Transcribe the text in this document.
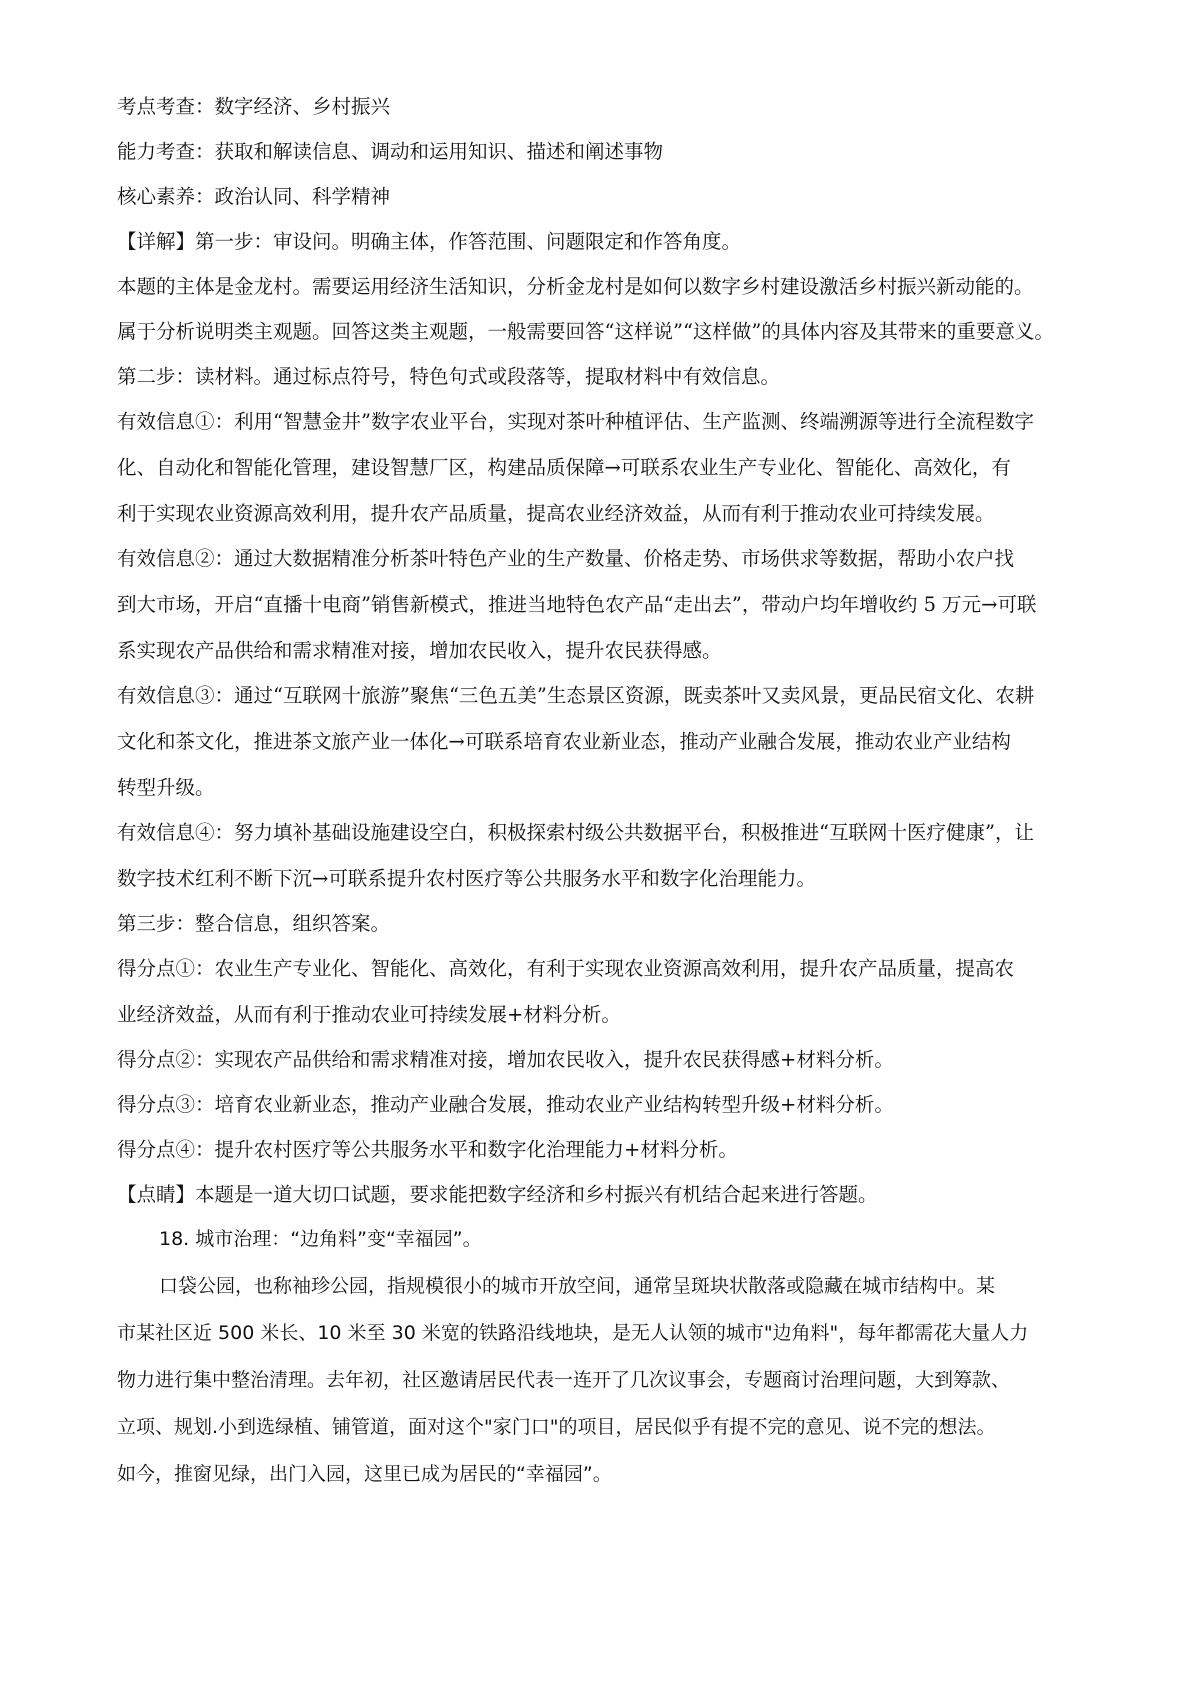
考点考查：数字经济、乡村振兴
能力考查：获取和解读信息、调动和运用知识、描述和阐述事物
核心素养：政治认同、科学精神
【详解】第一步：审设问。明确主体，作答范围、问题限定和作答角度。
本题的主体是金龙村。需要运用经济生活知识，分析金龙村是如何以数字乡村建设激活乡村振兴新动能的。
属于分析说明类主观题。回答这类主观题，一般需要回答“这样说”“这样做”的具体内容及其带来的重要意义。
第二步：读材料。通过标点符号，特色句式或段落等，提取材料中有效信息。
有效信息①：利用“智慧金井”数字农业平台，实现对茶叶种植评估、生产监测、终端溯源等进行全流程数字
化、自动化和智能化管理，建设智慧厂区，构建品质保障→可联系农业生产专业化、智能化、高效化，有
利于实现农业资源高效利用，提升农产品质量，提高农业经济效益，从而有利于推动农业可持续发展。
有效信息②：通过大数据精准分析茶叶特色产业的生产数量、价格走势、市场供求等数据，帮助小农户找
到大市场，开启“直播十电商”销售新模式，推进当地特色农产品“走出去”，带动户均年增收约 5 万元→可联
系实现农产品供给和需求精准对接，增加农民收入，提升农民获得感。
有效信息③：通过“互联网十旅游”聚焦“三色五美”生态景区资源，既卖茶叶又卖风景，更品民宿文化、农耕
文化和茶文化，推进茶文旅产业一体化→可联系培育农业新业态，推动产业融合发展，推动农业产业结构
转型升级。
有效信息④：努力填补基础设施建设空白，积极探索村级公共数据平台，积极推进“互联网十医疗健康”，让
数字技术红利不断下沉→可联系提升农村医疗等公共服务水平和数字化治理能力。
第三步：整合信息，组织答案。
得分点①：农业生产专业化、智能化、高效化，有利于实现农业资源高效利用，提升农产品质量，提高农
业经济效益，从而有利于推动农业可持续发展+材料分析。
得分点②：实现农产品供给和需求精准对接，增加农民收入，提升农民获得感+材料分析。
得分点③：培育农业新业态，推动产业融合发展，推动农业产业结构转型升级+材料分析。
得分点④：提升农村医疗等公共服务水平和数字化治理能力+材料分析。
【点睛】本题是一道大切口试题，要求能把数字经济和乡村振兴有机结合起来进行答题。
18. 城市治理：“边角料”变“幸福园”。
口袋公园，也称袖珍公园，指规模很小的城市开放空间，通常呈斑块状散落或隐藏在城市结构中。某
市某社区近 500 米长、10 米至 30 米宽的铁路沿线地块，是无人认领的城市"边角料"，每年都需花大量人力
物力进行集中整治清理。去年初，社区邀请居民代表一连开了几次议事会，专题商讨治理问题，大到筹款、
立项、规划.小到选绿植、铺管道，面对这个"家门口"的项目，居民似乎有提不完的意见、说不完的想法。
如今，推窗见绿，出门入园，这里已成为居民的“幸福园”。
